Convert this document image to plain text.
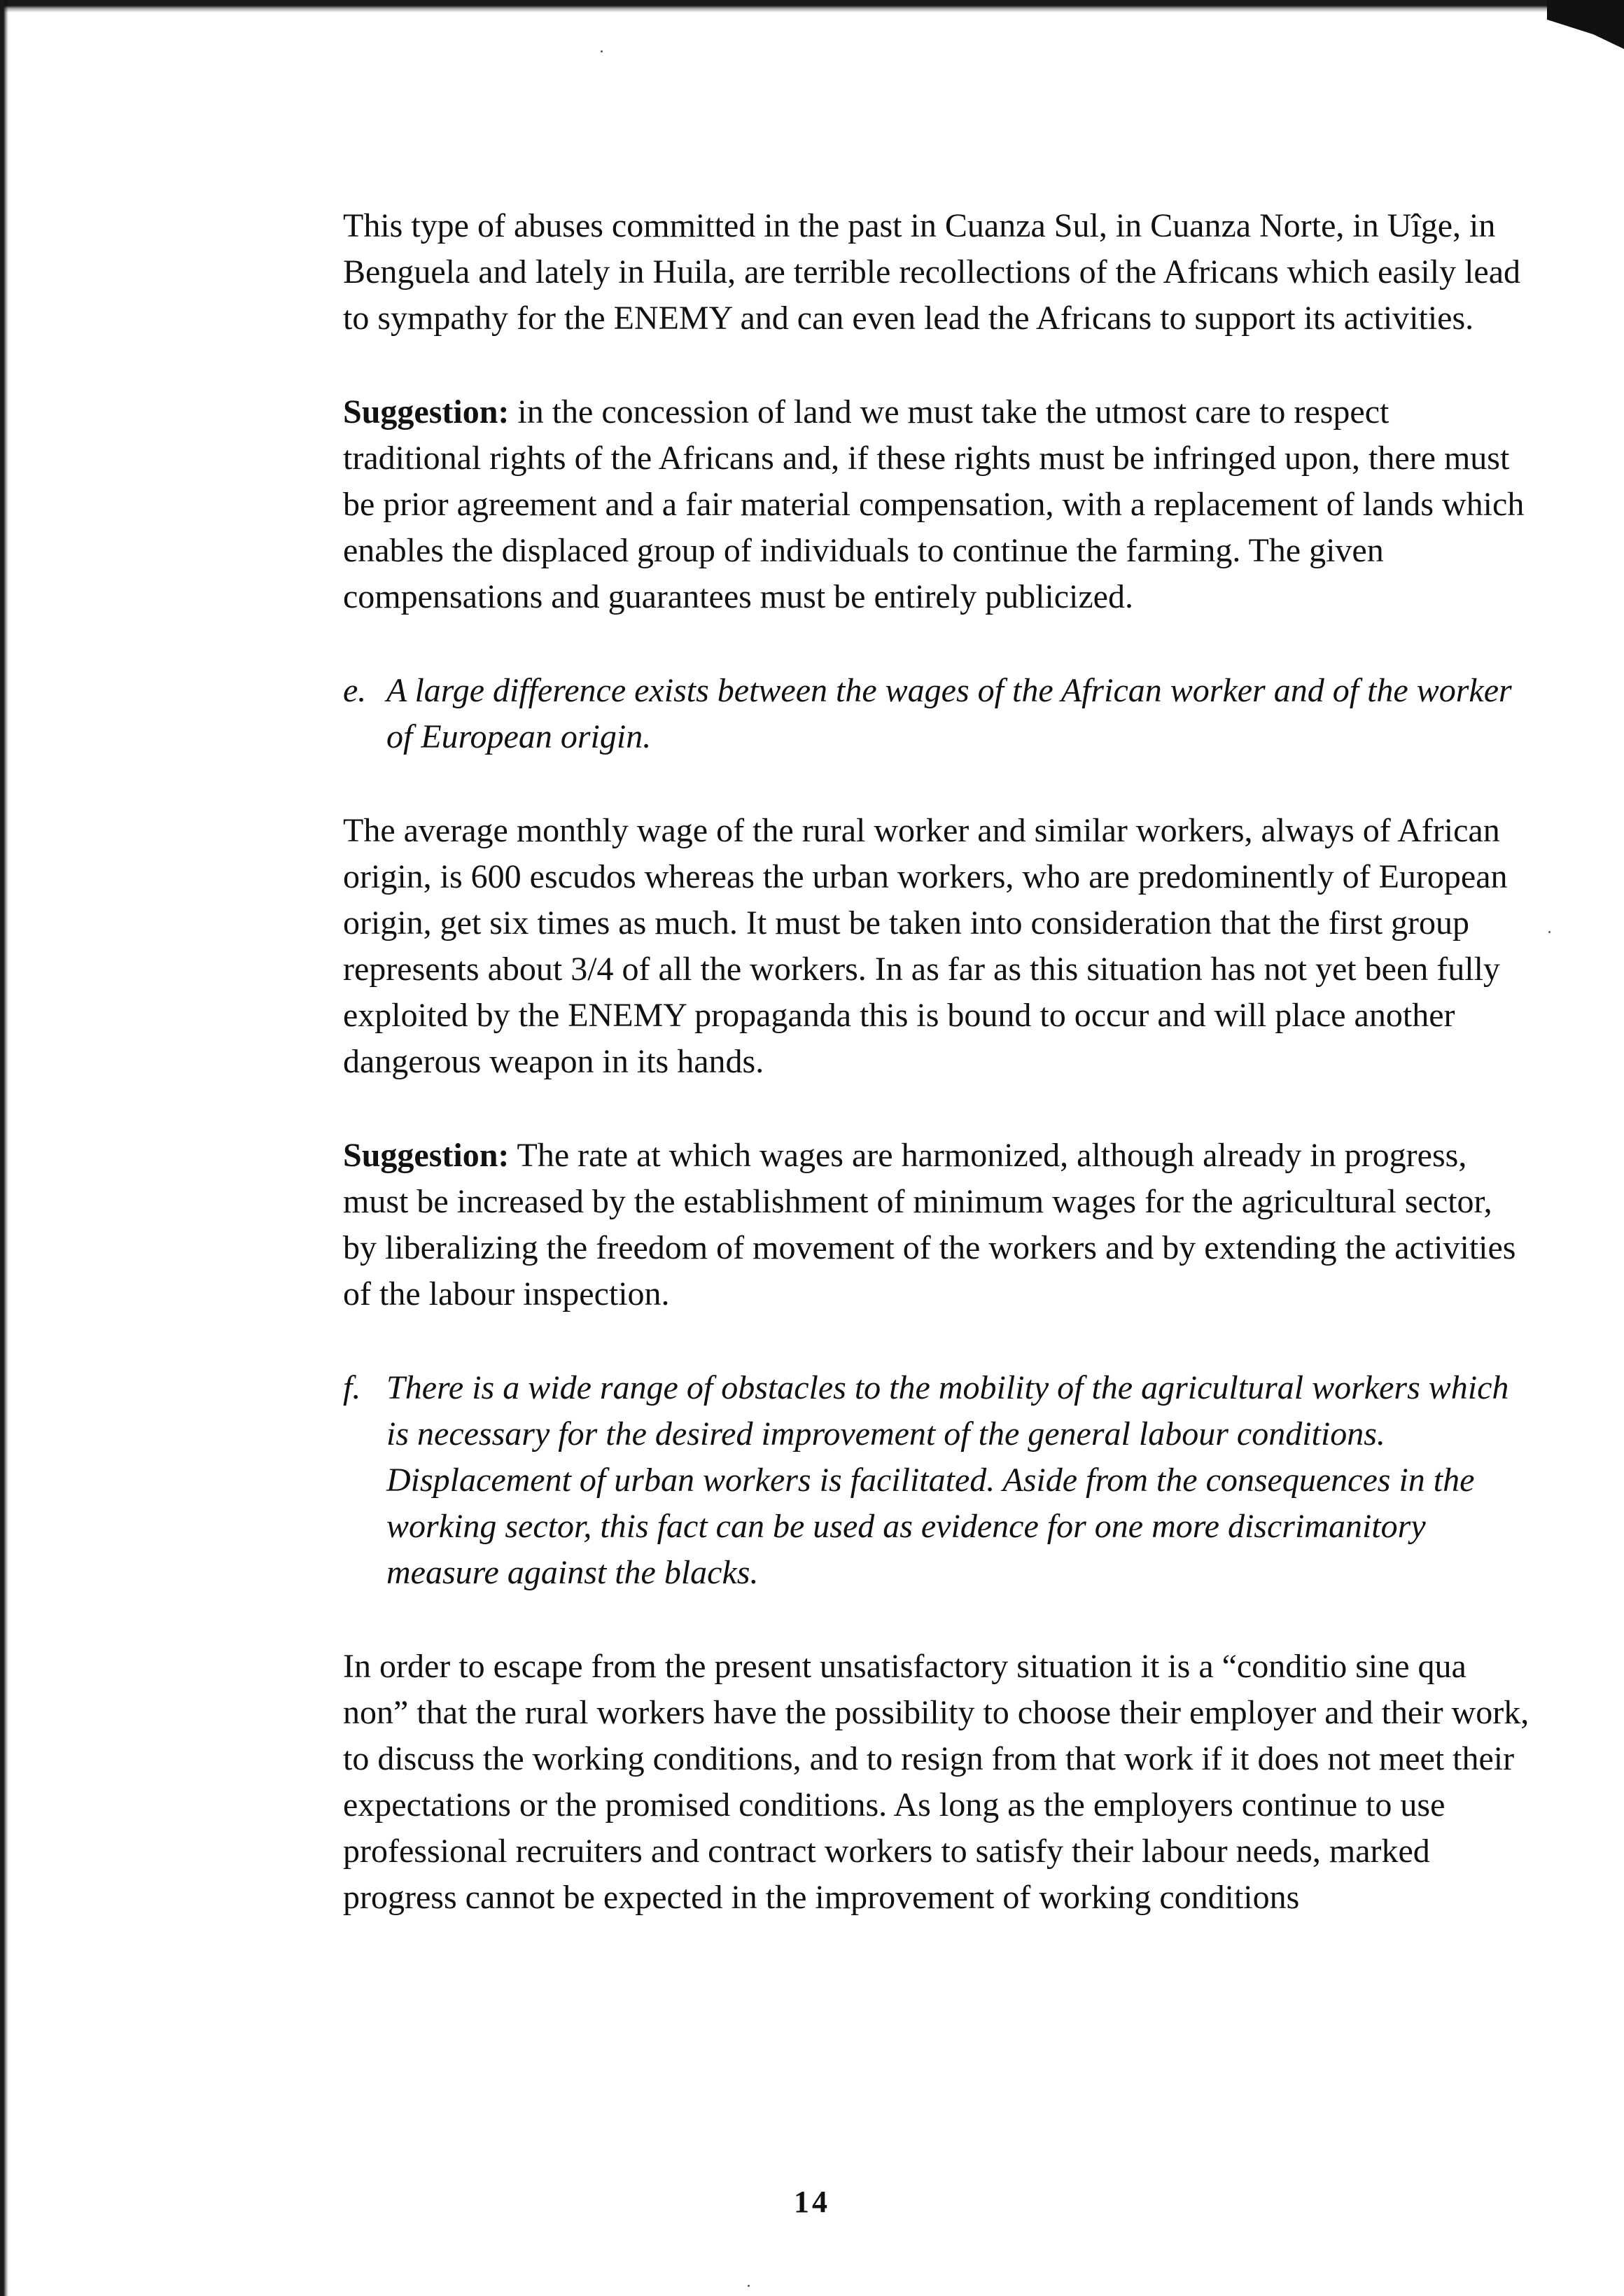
This type of abuses committed in the past in Cuanza Sul, in Cuanza Norte, in Uîge, in Benguela and lately in Huila, are terrible recollections of the Africans which easily lead to sympathy for the ENEMY and can even lead the Africans to support its activities.

Suggestion: in the concession of land we must take the utmost care to respect traditional rights of the Africans and, if these rights must be infringed upon, there must be prior agreement and a fair material compensation, with a replacement of lands which enables the displaced group of individuals to continue the farming. The given compensations and guarantees must be entirely publicized.

e. A large difference exists between the wages of the African worker and of the worker of European origin.

The average monthly wage of the rural worker and similar workers, always of African origin, is 600 escudos whereas the urban workers, who are predominently of European origin, get six times as much. It must be taken into consideration that the first group represents about 3/4 of all the workers. In as far as this situation has not yet been fully exploited by the ENEMY propaganda this is bound to occur and will place another dangerous weapon in its hands.

Suggestion: The rate at which wages are harmonized, although already in progress, must be increased by the establishment of minimum wages for the agricultural sector, by liberalizing the freedom of movement of the workers and by extending the activities of the labour inspection.

f. There is a wide range of obstacles to the mobility of the agricultural workers which is necessary for the desired improvement of the general labour conditions. Displacement of urban workers is facilitated. Aside from the consequences in the working sector, this fact can be used as evidence for one more discrimanitory measure against the blacks.

In order to escape from the present unsatisfactory situation it is a “conditio sine qua non” that the rural workers have the possibility to choose their employer and their work, to discuss the working conditions, and to resign from that work if it does not meet their expectations or the promised conditions. As long as the employers continue to use professional recruiters and contract workers to satisfy their labour needs, marked progress cannot be expected in the improvement of working conditions

14
